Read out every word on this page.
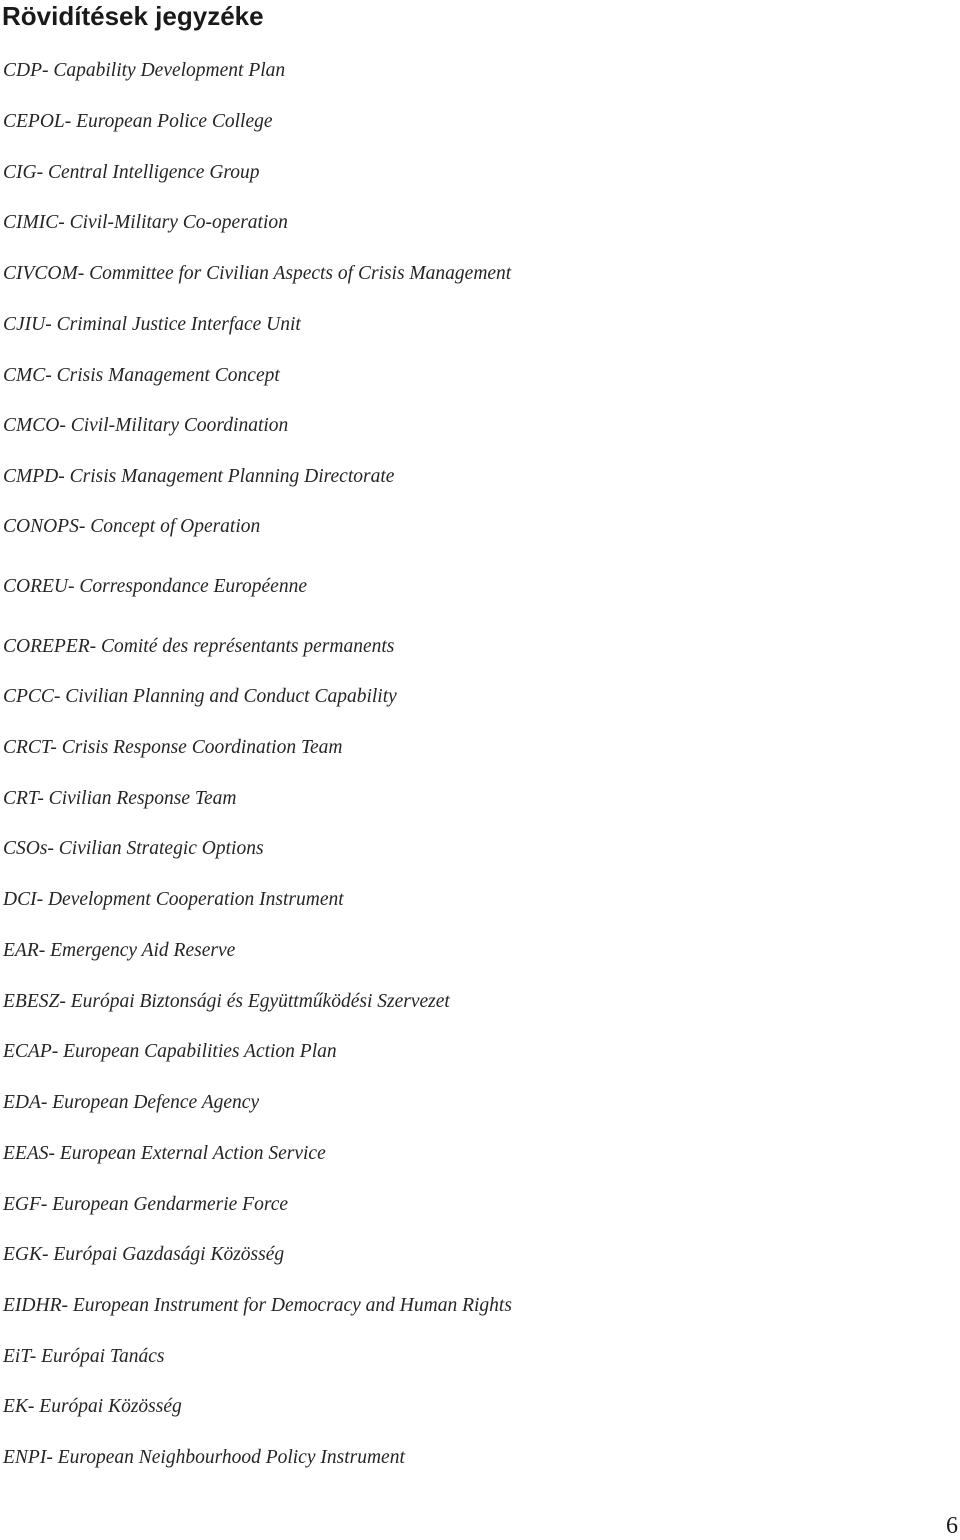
Rövidítések jegyzéke
CDP- Capability Development Plan
CEPOL- European Police College
CIG- Central Intelligence Group
CIMIC- Civil-Military Co-operation
CIVCOM- Committee for Civilian Aspects of Crisis Management
CJIU- Criminal Justice Interface Unit
CMC- Crisis Management Concept
CMCO- Civil-Military Coordination
CMPD- Crisis Management Planning Directorate
CONOPS- Concept of Operation
COREU- Correspondance Européenne
COREPER- Comité des représentants permanents
CPCC- Civilian Planning and Conduct Capability
CRCT- Crisis Response Coordination Team
CRT- Civilian Response Team
CSOs- Civilian Strategic Options
DCI- Development Cooperation Instrument
EAR- Emergency Aid Reserve
EBESZ- Európai Biztonsági és Együttműködési Szervezet
ECAP- European Capabilities Action Plan
EDA- European Defence Agency
EEAS- European External Action Service
EGF- European Gendarmerie Force
EGK- Európai Gazdasági Közösség
EIDHR- European Instrument for Democracy and Human Rights
EiT- Európai Tanács
EK- Európai Közösség
ENPI- European Neighbourhood Policy Instrument
6
